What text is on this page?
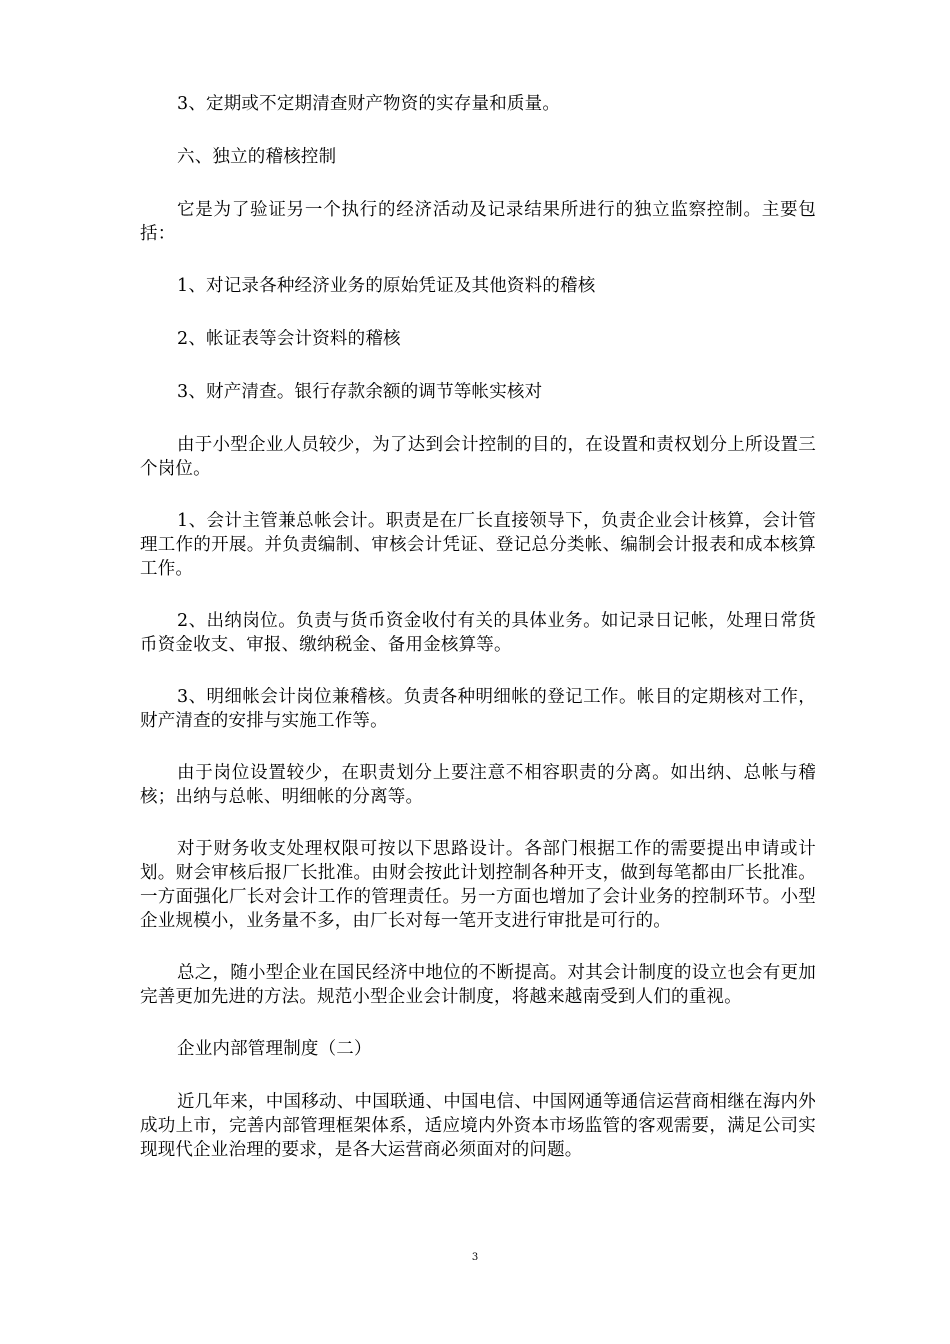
3、定期或不定期清查财产物资的实存量和质量。

六、独立的稽核控制

它是为了验证另一个执行的经济活动及记录结果所进行的独立监察控制。主要包括：

1、对记录各种经济业务的原始凭证及其他资料的稽核

2、帐证表等会计资料的稽核

3、财产清查。银行存款余额的调节等帐实核对

由于小型企业人员较少，为了达到会计控制的目的，在设置和责权划分上所设置三个岗位。

1、会计主管兼总帐会计。职责是在厂长直接领导下，负责企业会计核算，会计管理工作的开展。并负责编制、审核会计凭证、登记总分类帐、编制会计报表和成本核算工作。

2、出纳岗位。负责与货币资金收付有关的具体业务。如记录日记帐，处理日常货币资金收支、审报、缴纳税金、备用金核算等。

3、明细帐会计岗位兼稽核。负责各种明细帐的登记工作。帐目的定期核对工作，财产清查的安排与实施工作等。

由于岗位设置较少，在职责划分上要注意不相容职责的分离。如出纳、总帐与稽核；出纳与总帐、明细帐的分离等。

对于财务收支处理权限可按以下思路设计。各部门根据工作的需要提出申请或计划。财会审核后报厂长批准。由财会按此计划控制各种开支，做到每笔都由厂长批准。一方面强化厂长对会计工作的管理责任。另一方面也增加了会计业务的控制环节。小型企业规模小，业务量不多，由厂长对每一笔开支进行审批是可行的。

总之，随小型企业在国民经济中地位的不断提高。对其会计制度的设立也会有更加完善更加先进的方法。规范小型企业会计制度，将越来越南受到人们的重视。

企业内部管理制度（二）

近几年来，中国移动、中国联通、中国电信、中国网通等通信运营商相继在海内外成功上市，完善内部管理框架体系，适应境内外资本市场监管的客观需要，满足公司实现现代企业治理的要求，是各大运营商必须面对的问题。

3
